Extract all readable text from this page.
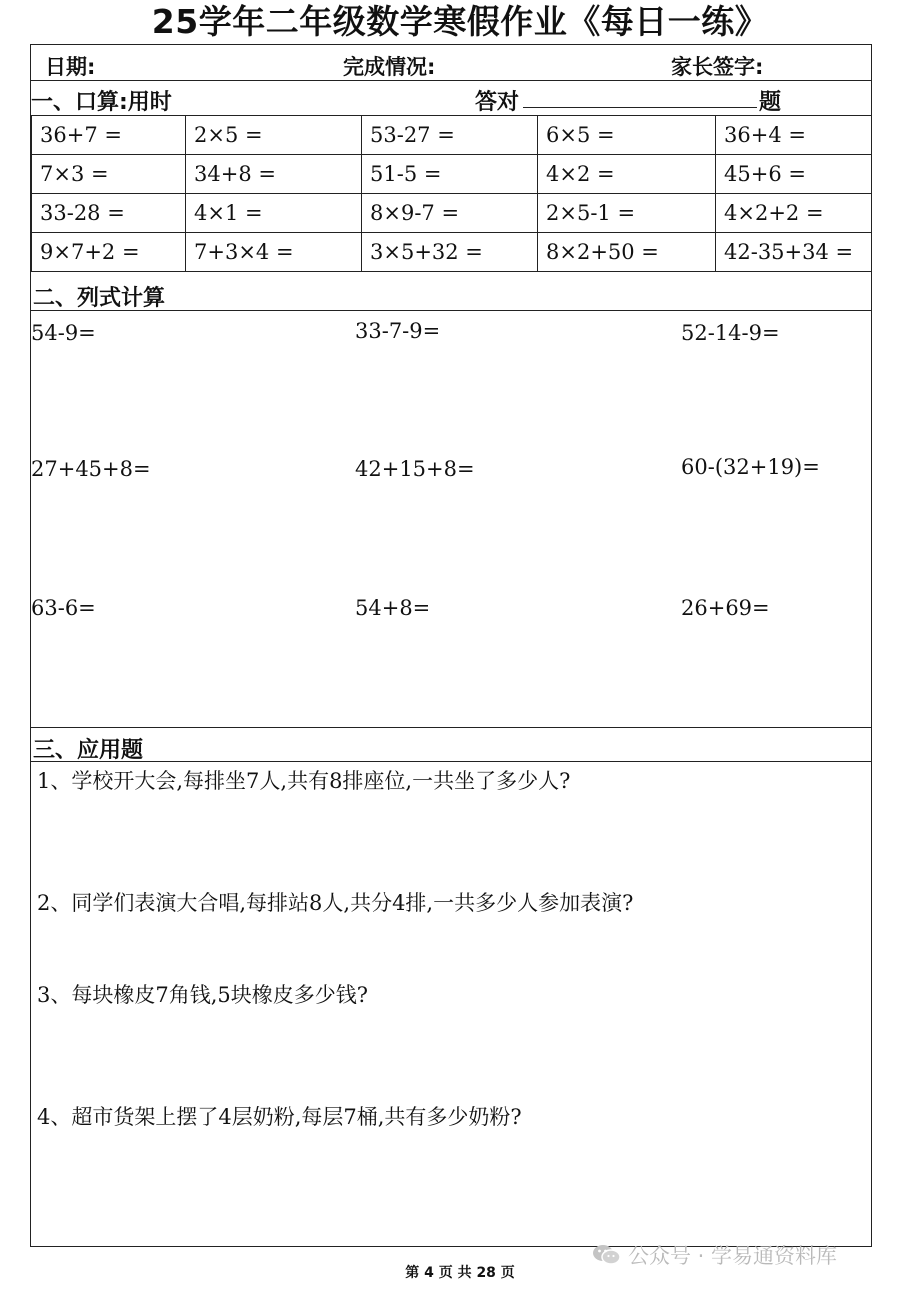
25学年二年级数学寒假作业《每日一练》
日期:	完成情况:	家长签字:
一、口算:用时	答对	题
36+7 =	2×5 =	53-27 =	6×5 =	36+4 =
7×3 =	34+8 =	51-5 =	4×2 =	45+6 =
33-28 =	4×1 =	8×9-7 =	2×5-1 =	4×2+2 =
9×7+2 =	7+3×4 =	3×5+32 =	8×2+50 =	42-35+34 =
二、列式计算
54-9=	33-7-9=	52-14-9=
27+45+8=	42+15+8=	60-(32+19)=
63-6=	54+8=	26+69=
三、应用题
1、学校开大会,每排坐7人,共有8排座位,一共坐了多少人?
2、同学们表演大合唱,每排站8人,共分4排,一共多少人参加表演?
3、每块橡皮7角钱,5块橡皮多少钱?
4、超市货架上摆了4层奶粉,每层7桶,共有多少奶粉?
公众号 · 学易通资料库
第 4 页 共 28 页
